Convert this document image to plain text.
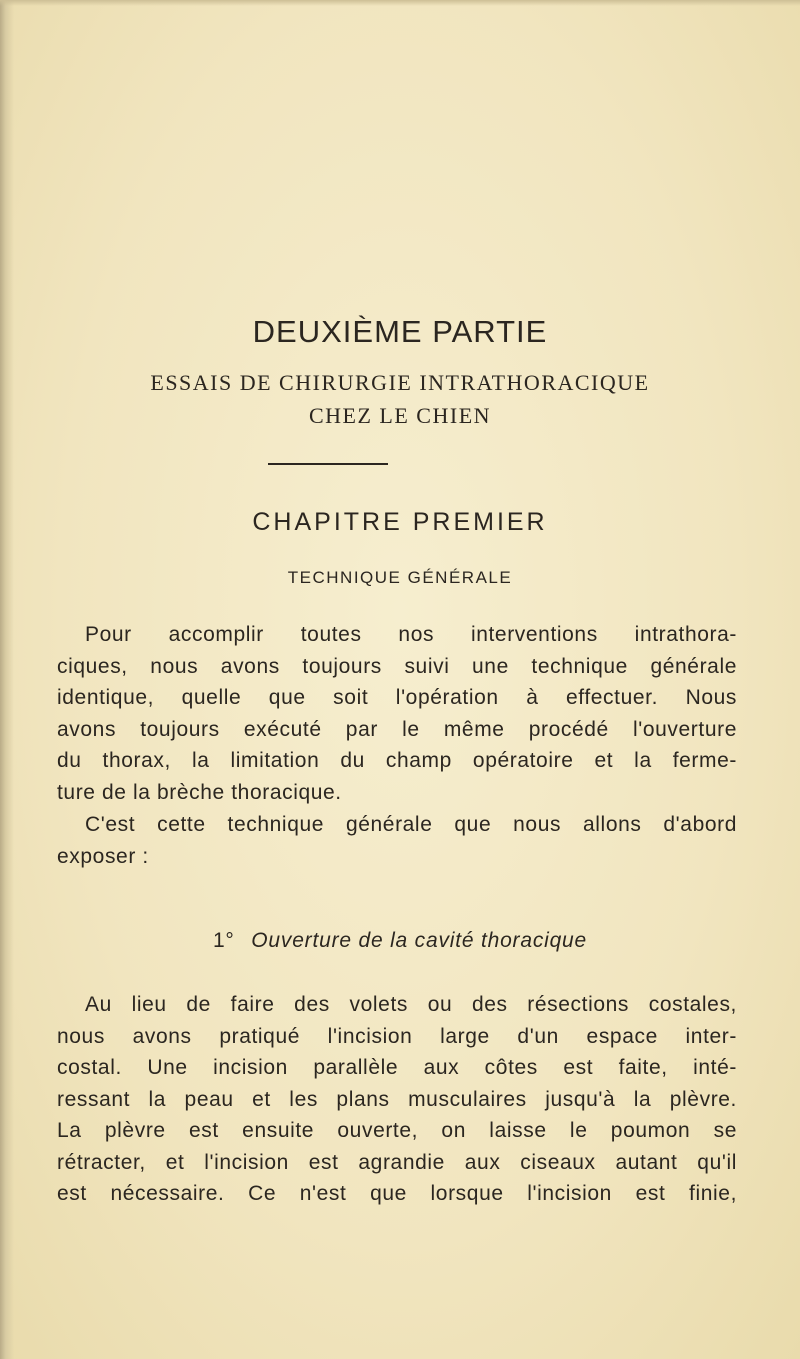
DEUXIÈME PARTIE

ESSAIS DE CHIRURGIE INTRATHORACIQUE

CHEZ LE CHIEN

CHAPITRE PREMIER
TECHNIQUE GÉNÉRALE
Pour accomplir toutes nos interventions intrathora-
ciques, nous avons toujours suivi une technique générale
identique, quelle que soit l'opération à effectuer. Nous
avons toujours exécuté par le même procédé l'ouverture
du thorax, la limitation du champ opératoire et la ferme-
ture de la brèche thoracique.
C'est cette technique générale que nous allons d'abord
exposer :
1° Ouverture de la cavité thoracique
Au lieu de faire des volets ou des résections costales,
nous avons pratiqué l'incision large d'un espace inter-
costal. Une incision parallèle aux côtes est faite, inté-
ressant la peau et les plans musculaires jusqu'à la plèvre.
La plèvre est ensuite ouverte, on laisse le poumon se
rétracter, et l'incision est agrandie aux ciseaux autant qu'il
est nécessaire. Ce n'est que lorsque l'incision est finie,
